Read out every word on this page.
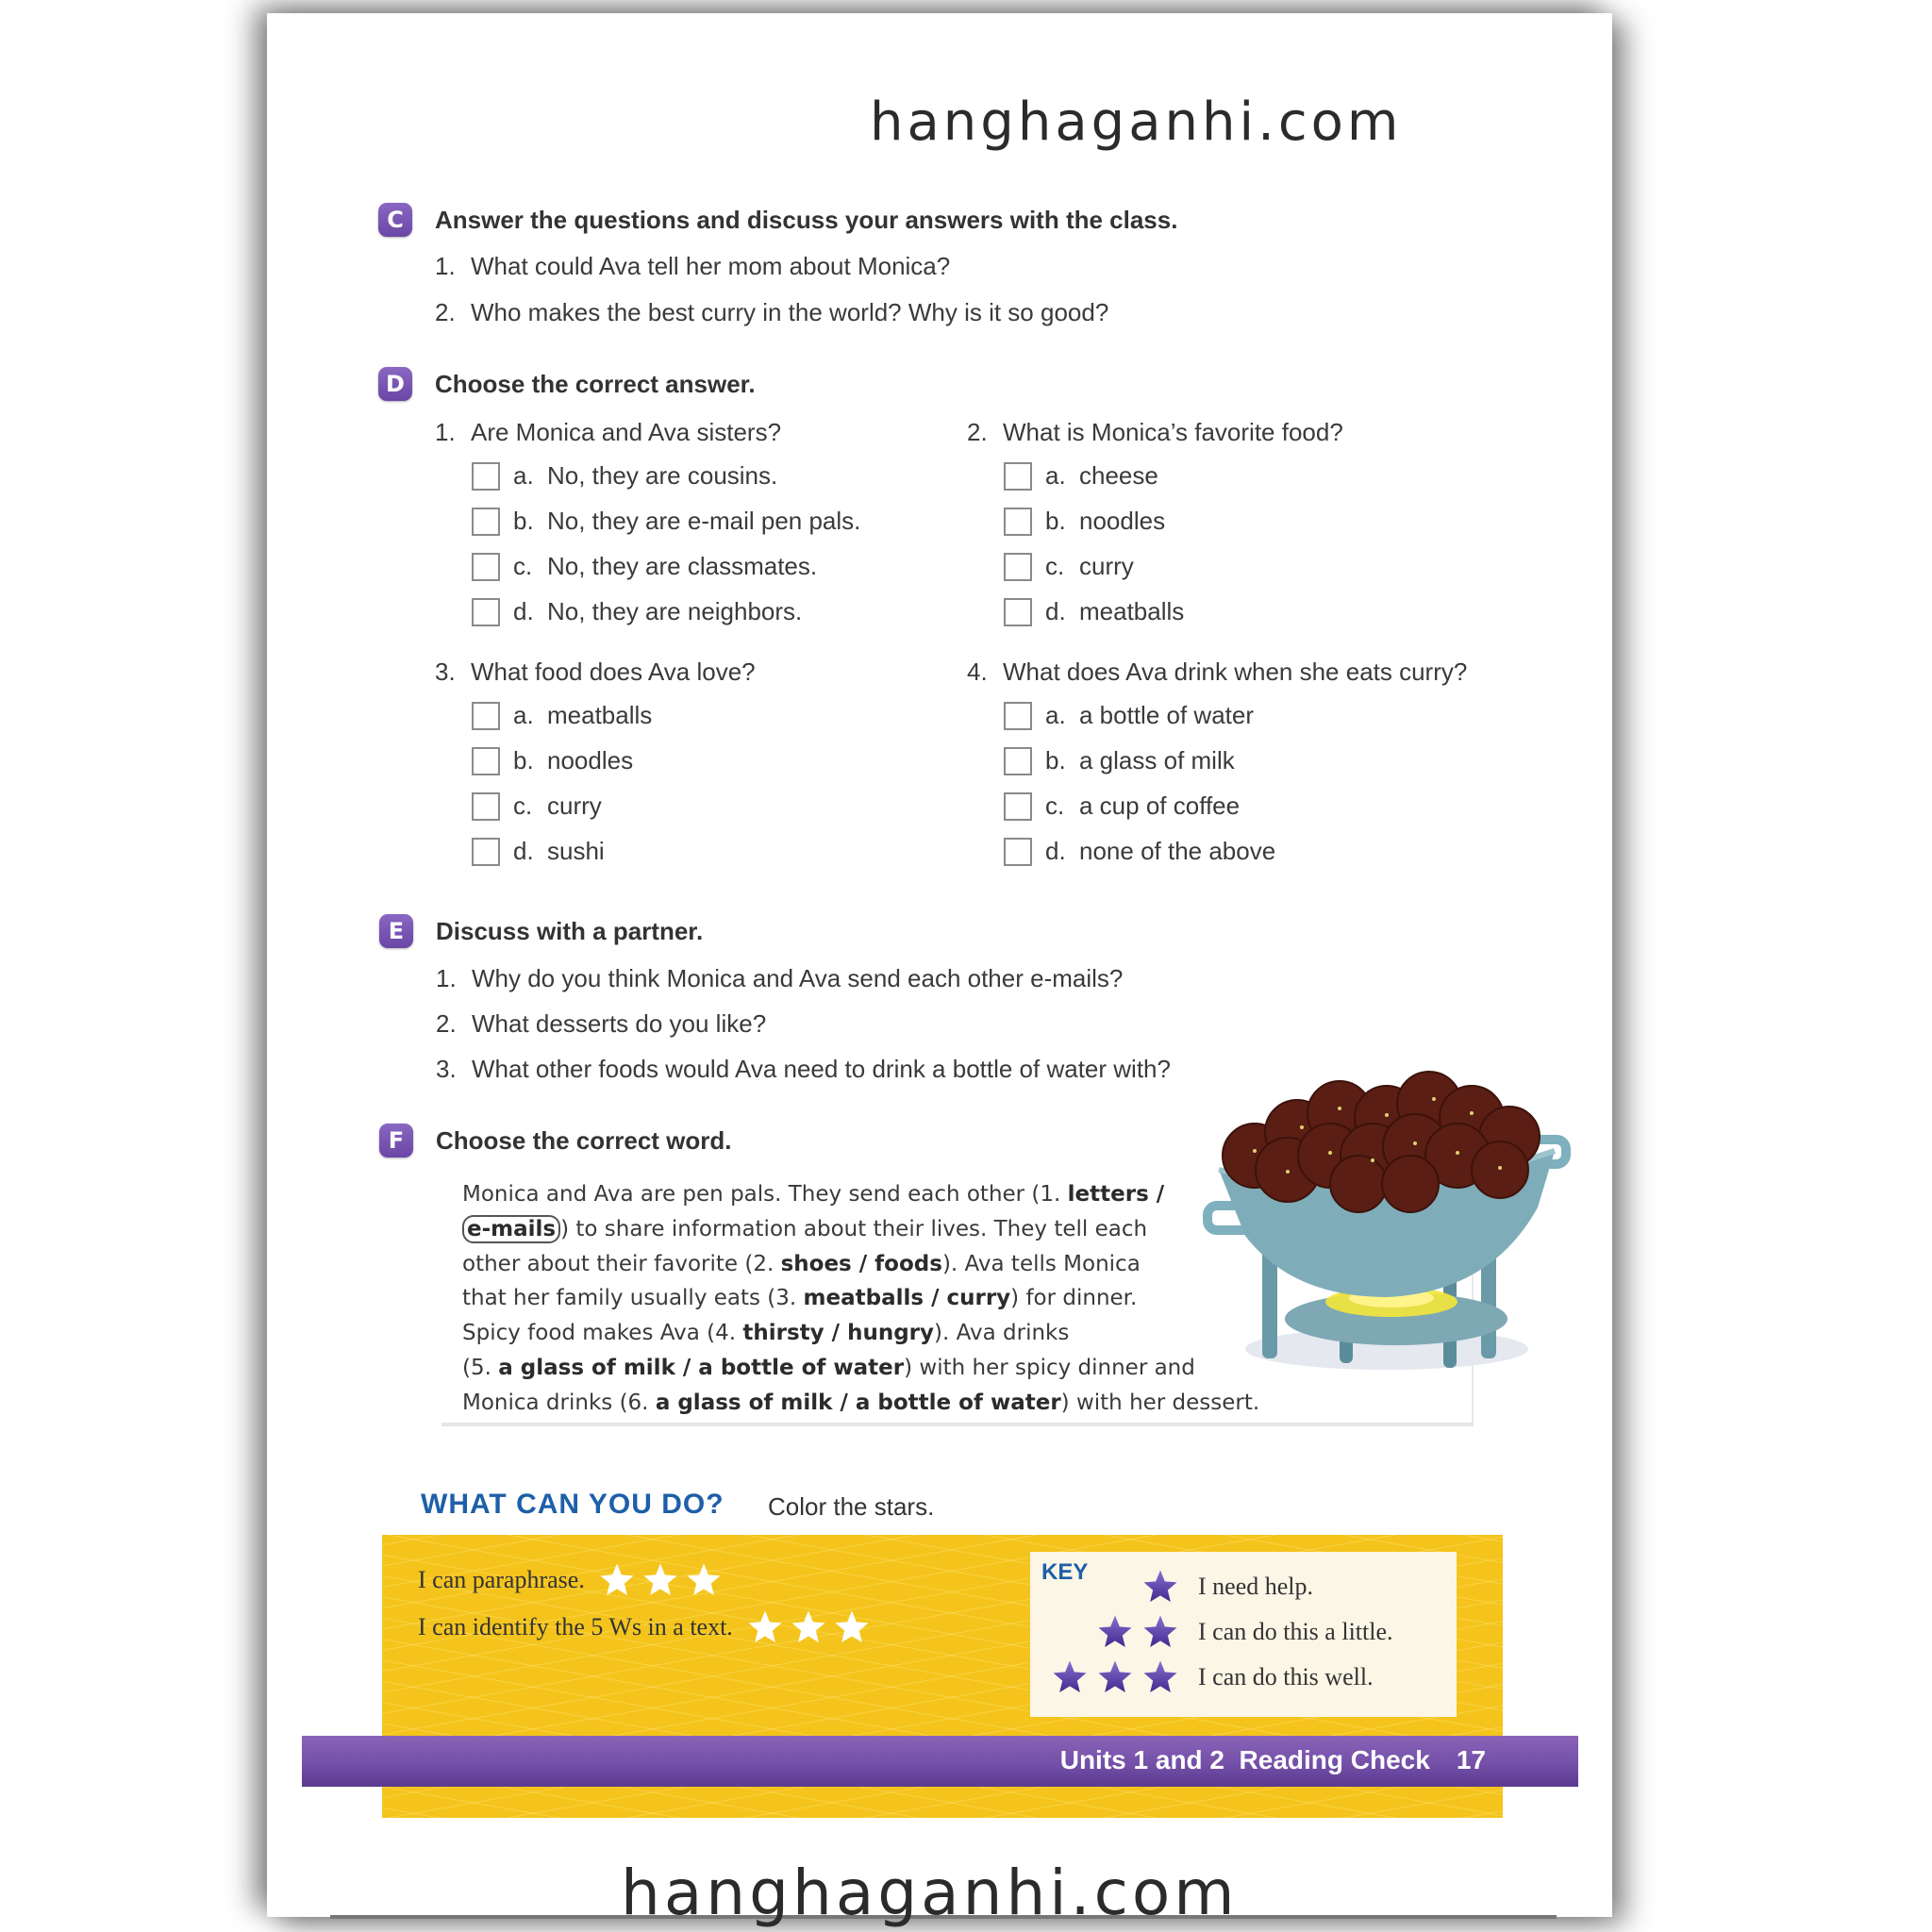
hanghaganhi.com
C	Answer the questions and discuss your answers with the class.
1. What could Ava tell her mom about Monica?
2. Who makes the best curry in the world? Why is it so good?
D	Choose the correct answer.
1. Are Monica and Ava sisters?
a. No, they are cousins.
b. No, they are e-mail pen pals.
c. No, they are classmates.
d. No, they are neighbors.
2. What is Monica’s favorite food?
a. cheese
b. noodles
c. curry
d. meatballs
3. What food does Ava love?
a. meatballs
b. noodles
c. curry
d. sushi
4. What does Ava drink when she eats curry?
a. a bottle of water
b. a glass of milk
c. a cup of coffee
d. none of the above
E	Discuss with a partner.
1. Why do you think Monica and Ava send each other e-mails?
2. What desserts do you like?
3. What other foods would Ava need to drink a bottle of water with?
F	Choose the correct word.
Monica and Ava are pen pals. They send each other (1. letters /
e-mails ) to share information about their lives. They tell each
other about their favorite (2. shoes / foods). Ava tells Monica
that her family usually eats (3. meatballs / curry) for dinner.
Spicy food makes Ava (4. thirsty / hungry). Ava drinks
(5. a glass of milk / a bottle of water) with her spicy dinner and
Monica drinks (6. a glass of milk / a bottle of water) with her dessert.
WHAT CAN YOU DO? Color the stars.
I can paraphrase.
I can identify the 5 Ws in a text.
KEY
I need help.
I can do this a little.
I can do this well.
Units 1 and 2  Reading Check 17
hanghaganhi.com
